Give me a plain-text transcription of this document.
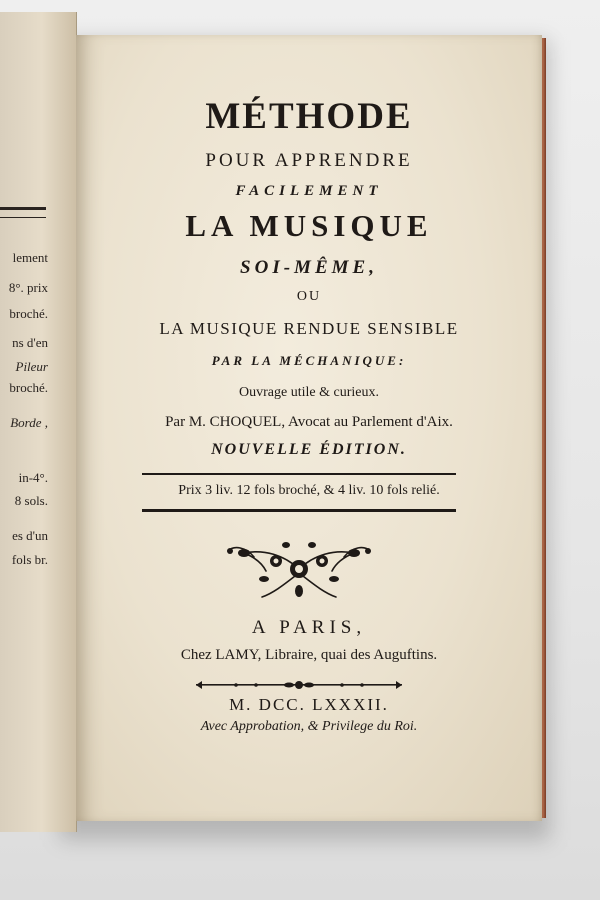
lement
8°. prix
broché.
ns d'en
Pileur
broché.
Borde ,
in-4°.
8 sols.
es d'un
fols br.
MÉTHODE
POUR APPRENDRE
FACILEMENT
LA MUSIQUE
SOI-MÊME,
OU
LA MUSIQUE RENDUE SENSIBLE
PAR LA MÉCHANIQUE:
Ouvrage utile & curieux.
Par M. CHOQUEL, Avocat au Parlement d'Aix.
NOUVELLE ÉDITION.
Prix 3 liv. 12 fols broché, & 4 liv. 10 fols relié.
A PARIS,
Chez LAMY, Libraire, quai des Auguftins.
M. DCC. LXXXII.
Avec Approbation, & Privilege du Roi.
